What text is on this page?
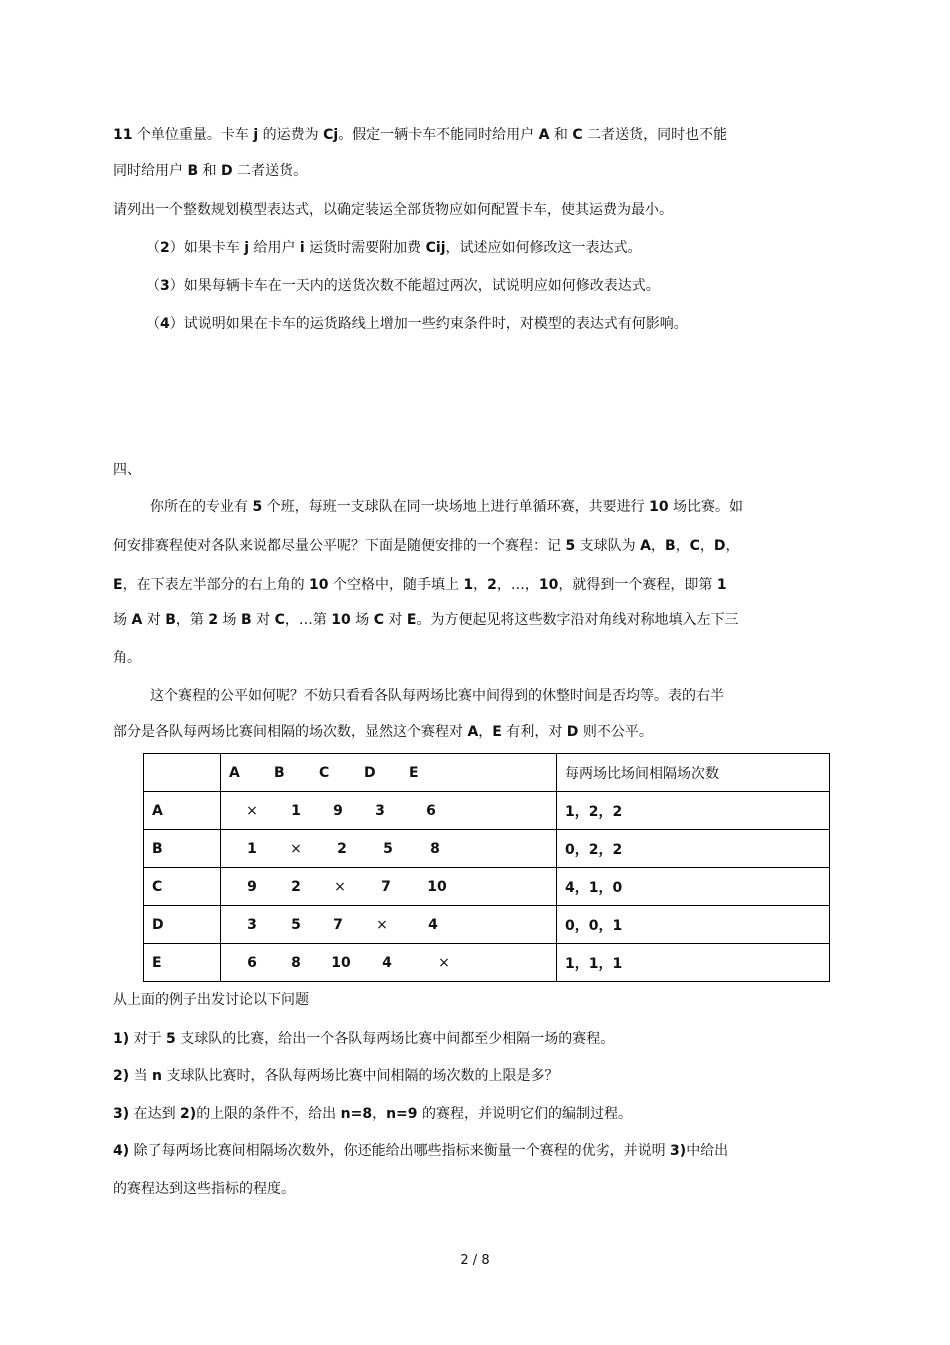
11 个单位重量。卡车 j 的运费为 Cj。假定一辆卡车不能同时给用户 A 和 C 二者送货，同时也不能
同时给用户 B 和 D 二者送货。
请列出一个整数规划模型表达式，以确定装运全部货物应如何配置卡车，使其运费为最小。
（2）如果卡车 j 给用户 i 运货时需要附加费 Cij，试述应如何修改这一表达式。
（3）如果每辆卡车在一天内的送货次数不能超过两次，试说明应如何修改表达式。
（4）试说明如果在卡车的运货路线上增加一些约束条件时，对模型的表达式有何影响。
四、
你所在的专业有 5 个班，每班一支球队在同一块场地上进行单循环赛，共要进行 10 场比赛。如
何安排赛程使对各队来说都尽量公平呢？下面是随便安排的一个赛程：记 5 支球队为 A，B，C，D，
E，在下表左半部分的右上角的 10 个空格中，随手填上 1，2，…，10，就得到一个赛程，即第 1
场 A 对 B，第 2 场 B 对 C，…第 10 场 C 对 E。为方便起见将这些数字沿对角线对称地填入左下三
角。
这个赛程的公平如何呢？不妨只看看各队每两场比赛中间得到的休整时间是否均等。表的右半
部分是各队每两场比赛间相隔的场次数，显然这个赛程对 A，E 有利，对 D 则不公平。
	A B C D E	每两场比场间相隔场次数
A	× 1 9 3 6	1，2，2
B	1 × 2 5 8	0，2，2
C	9 2 × 7 10	4，1，0
D	3 5 7 × 4	0，0，1
E	6 8 10 4 ×	1，1，1
从上面的例子出发讨论以下问题
1) 对于 5 支球队的比赛，给出一个各队每两场比赛中间都至少相隔一场的赛程。
2) 当 n 支球队比赛时，各队每两场比赛中间相隔的场次数的上限是多？
3) 在达到 2)的上限的条件不，给出 n=8，n=9 的赛程，并说明它们的编制过程。
4) 除了每两场比赛间相隔场次数外，你还能给出哪些指标来衡量一个赛程的优劣，并说明 3)中给出
的赛程达到这些指标的程度。
2 / 8
